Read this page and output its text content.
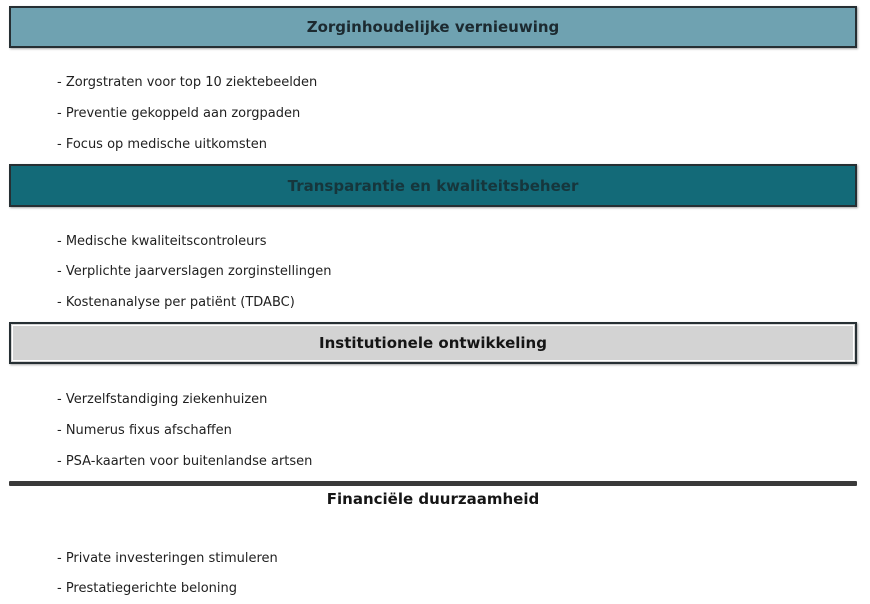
Zorginhoudelijke vernieuwing
- Zorgstraten voor top 10 ziektebeelden
- Preventie gekoppeld aan zorgpaden
- Focus op medische uitkomsten
Transparantie en kwaliteitsbeheer
- Medische kwaliteitscontroleurs
- Verplichte jaarverslagen zorginstellingen
- Kostenanalyse per patiënt (TDABC)
Institutionele ontwikkeling
- Verzelfstandiging ziekenhuizen
- Numerus fixus afschaffen
- PSA-kaarten voor buitenlandse artsen
Financiële duurzaamheid
- Private investeringen stimuleren
- Prestatiegerichte beloning
